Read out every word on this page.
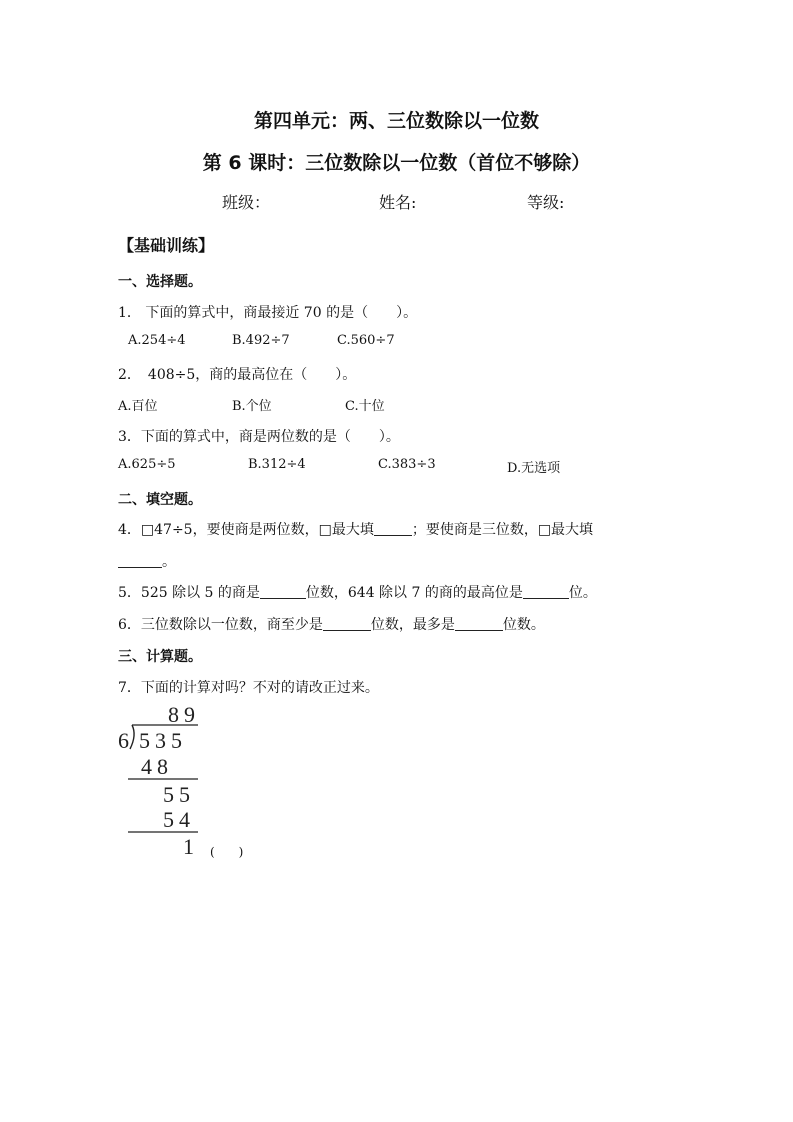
第四单元：两、三位数除以一位数
第 6 课时：三位数除以一位数（首位不够除）
班级：	姓名:	等级:
【基础训练】
一、选择题。
1． 下面的算式中，商最接近 70 的是（　　）。
A.254÷4	B.492÷7	C.560÷7
2．　408÷5，商的最高位在（　　）。
A.百位	B.个位	C.十位
3．下面的算式中，商是两位数的是（　　）。
A.625÷5	B.312÷4	C.383÷3	D.无选项
二、填空题。
4．□47÷5，要使商是两位数，□最大填	；要使商是三位数，□最大填
。
5．525 除以 5 的商是	位数，644 除以 7 的商的最高位是	位。
6．三位数除以一位数，商至少是	位数，最多是	位数。
三、计算题。
7．下面的计算对吗？不对的请改正过来。
89
6 535
48
55
54
1 (　　)
